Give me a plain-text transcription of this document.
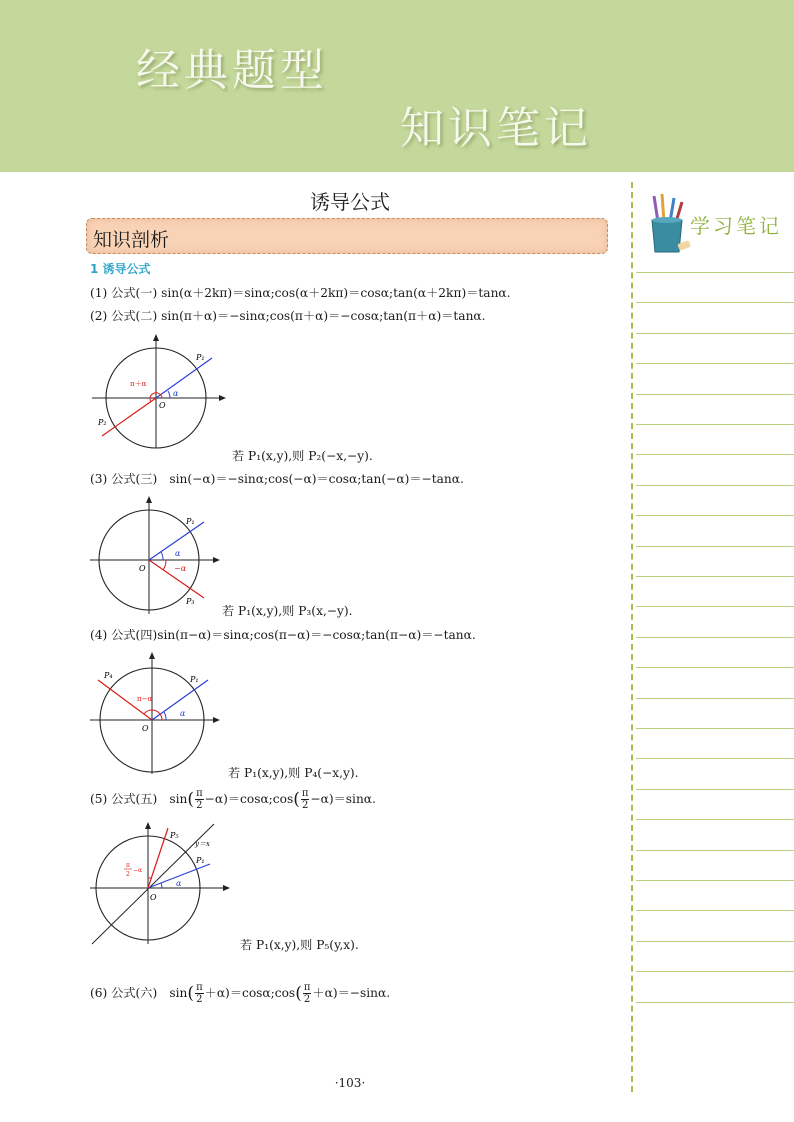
经典题型
知识笔记
诱导公式
知识剖析
1 诱导公式
(1) 公式(一) sin(α＋2kπ)＝sinα;cos(α＋2kπ)＝cosα;tan(α＋2kπ)＝tanα.
(2) 公式(二) sin(π＋α)＝−sinα;cos(π＋α)＝−cosα;tan(π＋α)＝tanα.
P₁
P₂
O
α
π＋α
若 P₁(x,y),则 P₂(−x,−y).
(3) 公式(三)　sin(−α)＝−sinα;cos(−α)＝cosα;tan(−α)＝−tanα.
P₁
P₃
O
α
−α
若 P₁(x,y),则 P₃(x,−y).
(4) 公式(四)sin(π−α)＝sinα;cos(π−α)＝−cosα;tan(π−α)＝−tanα.
P₁
P₄
O
α
π−α
若 P₁(x,y),则 P₄(−x,y).
(5) 公式(五)　 $\sin( \frac{\pi}{2}$ −α)＝cosα;cos( $\frac{\pi}{2} -\alpha)=\sin\alpha$.
P₅
P₁
y＝x
O
α
π
2
−α
若 P₁(x,y),则 P₅(y,x).
(6) 公式(六)　 $\sin( \frac{\pi}{2}$ ＋α)＝cosα;cos( $\frac{\pi}{2} +\alpha)=-\sin\alpha$.
·103·
学习笔记
